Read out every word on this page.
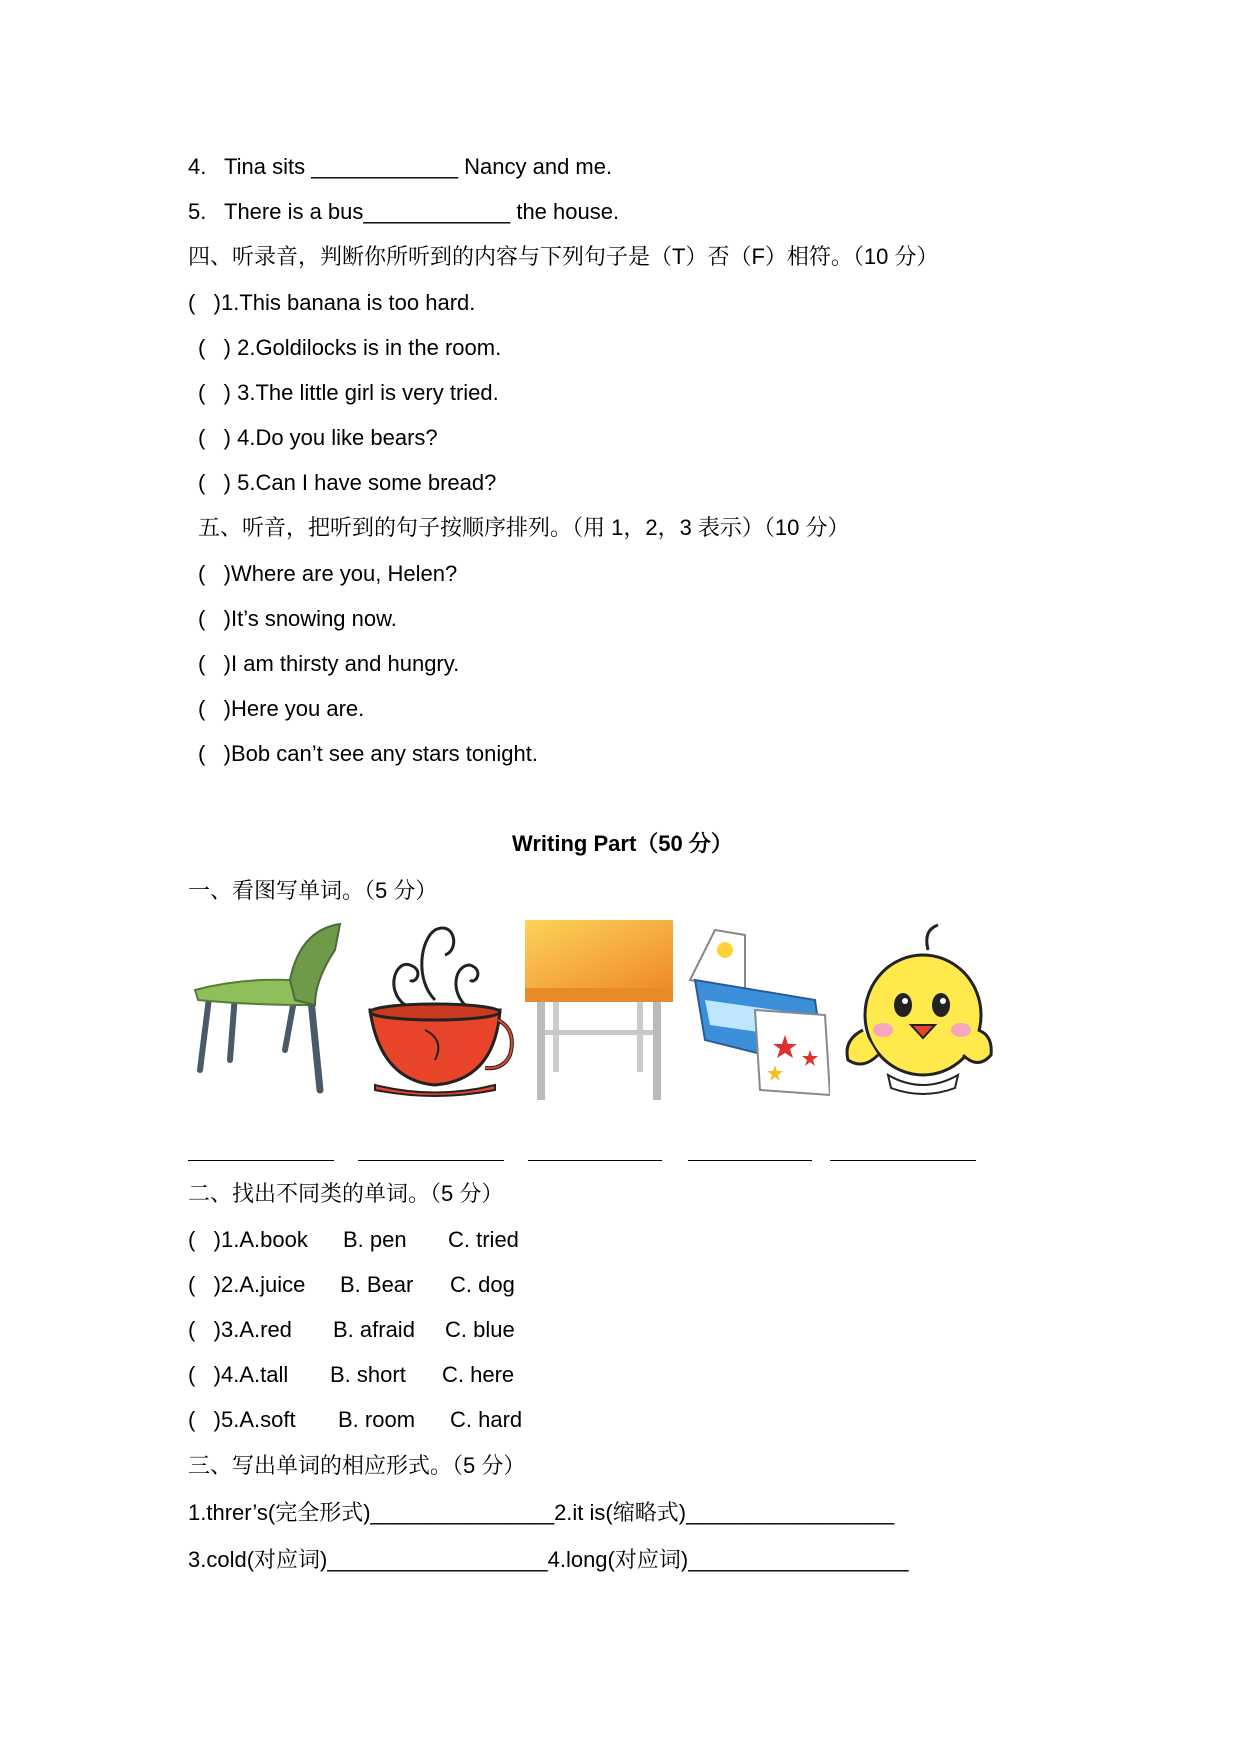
4. Tina sits ____________ Nancy and me.
5. There is a bus____________ the house.
四、听录音，判断你所听到的内容与下列句子是（T）否（F）相符。（10 分）
(   )1.This banana is too hard.
(   ) 2.Goldilocks is in the room.
(   ) 3.The little girl is very tried.
(   ) 4.Do you like bears?
(   ) 5.Can I have some bread?
五、听音，把听到的句子按顺序排列。（用 1，2，3 表示）（10 分）
(   )Where are you, Helen?
(   )It’s snowing now.
(   )I am thirsty and hungry.
(   )Here you are.
(   )Bob can’t see any stars tonight.
Writing Part（50 分）
一、看图写单词。（5 分）
二、找出不同类的单词。（5 分）
(   )1.A.book B. pen C. tried
(   )2.A.juice B. Bear C. dog
(   )3.A.red B. afraid C. blue
(   )4.A.tall B. short C. here
(   )5.A.soft B. room C. hard
三、写出单词的相应形式。（5 分）
1.threr’s(完全形式)_______________2.it is(缩略式)_________________
3.cold(对应词)__________________4.long(对应词)__________________
